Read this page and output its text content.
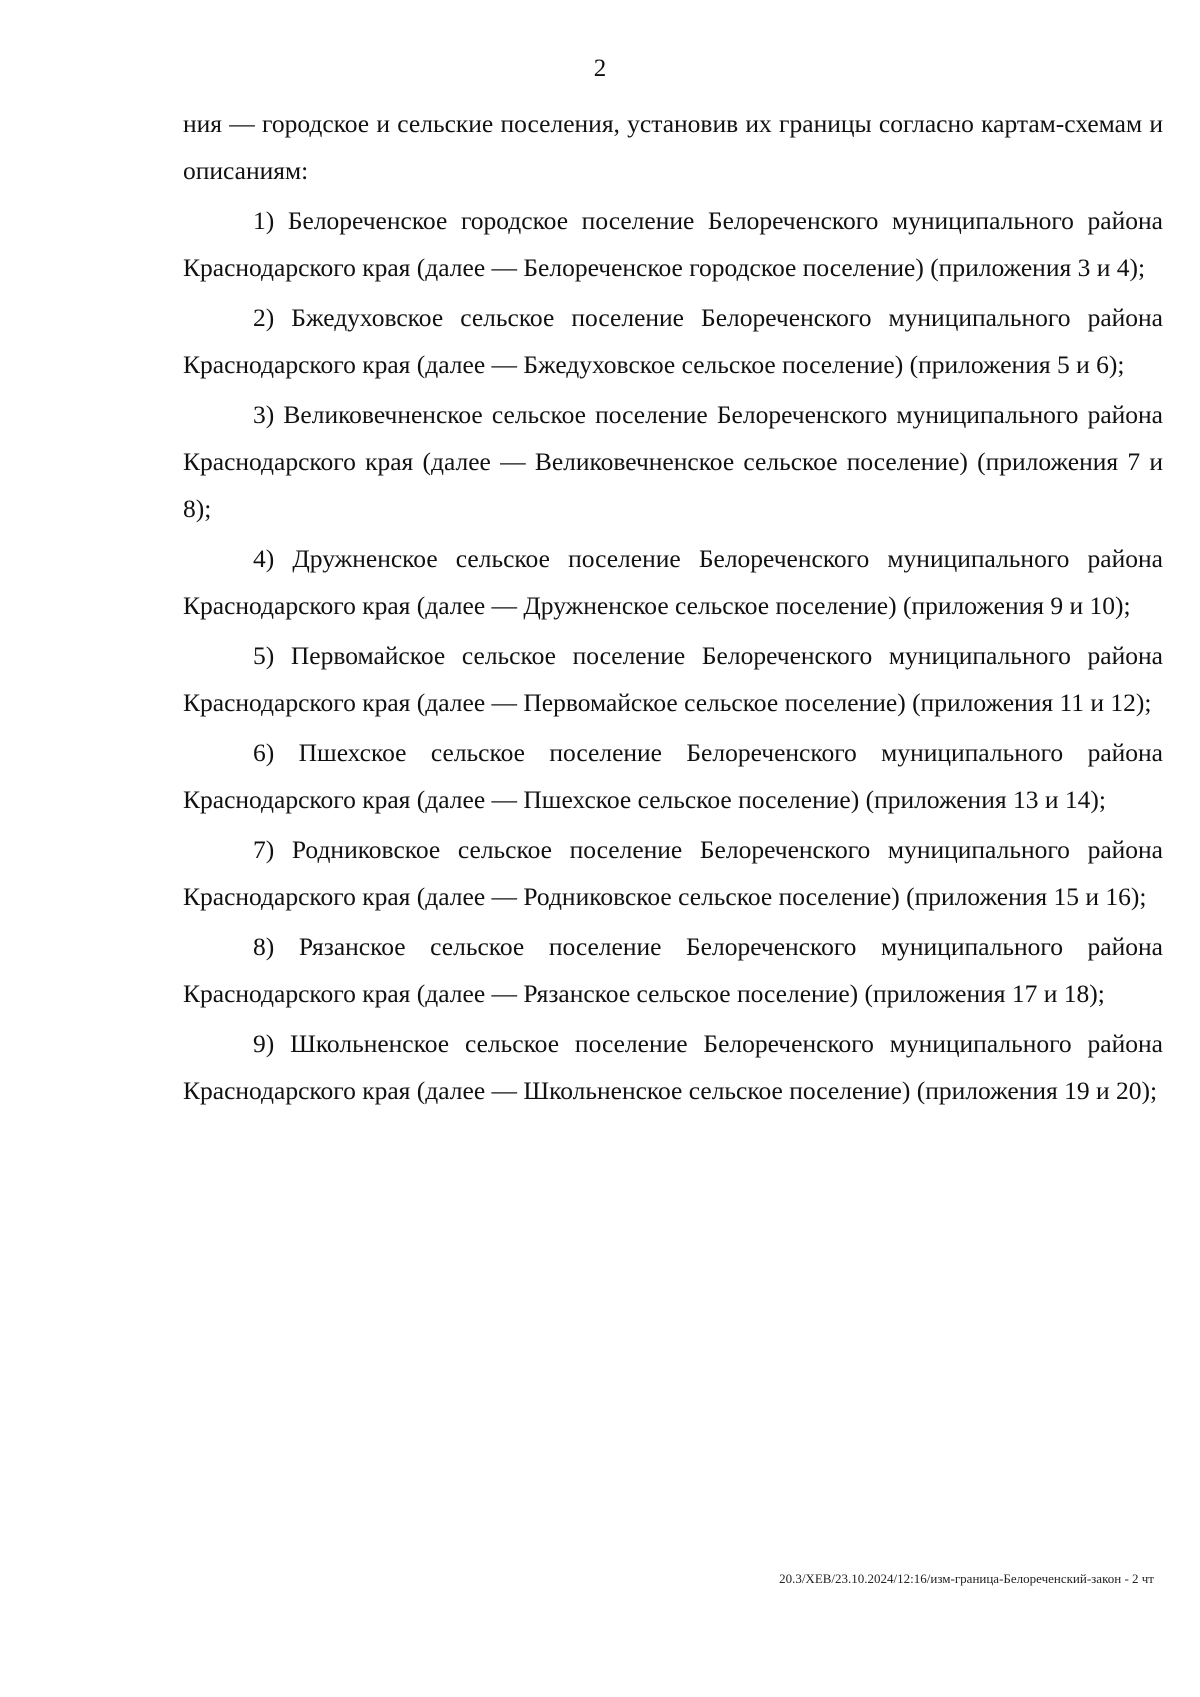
2

ния — городское и сельские поселения, установив их границы согласно картам-схемам и описаниям:

1) Белореченское городское поселение Белореченского муниципального района Краснодарского края (далее — Белореченское городское поселение) (приложения 3 и 4);

2) Бжедуховское сельское поселение Белореченского муниципального района Краснодарского края (далее — Бжедуховское сельское поселение) (приложения 5 и 6);

3) Великовечненское сельское поселение Белореченского муниципального района Краснодарского края (далее — Великовечненское сельское поселение) (приложения 7 и 8);

4) Дружненское сельское поселение Белореченского муниципального района Краснодарского края (далее — Дружненское сельское поселение) (приложения 9 и 10);

5) Первомайское сельское поселение Белореченского муниципального района Краснодарского края (далее — Первомайское сельское поселение) (приложения 11 и 12);

6) Пшехское сельское поселение Белореченского муниципального района Краснодарского края (далее — Пшехское сельское поселение) (приложения 13 и 14);

7) Родниковское сельское поселение Белореченского муниципального района Краснодарского края (далее — Родниковское сельское поселение) (приложения 15 и 16);

8) Рязанское сельское поселение Белореченского муниципального района Краснодарского края (далее — Рязанское сельское поселение) (приложения 17 и 18);

9) Школьненское сельское поселение Белореченского муниципального района Краснодарского края (далее — Школьненское сельское поселение) (приложения 19 и 20);

20.3/ХЕВ/23.10.2024/12:16/изм-граница-Белореченский-закон - 2 чт
